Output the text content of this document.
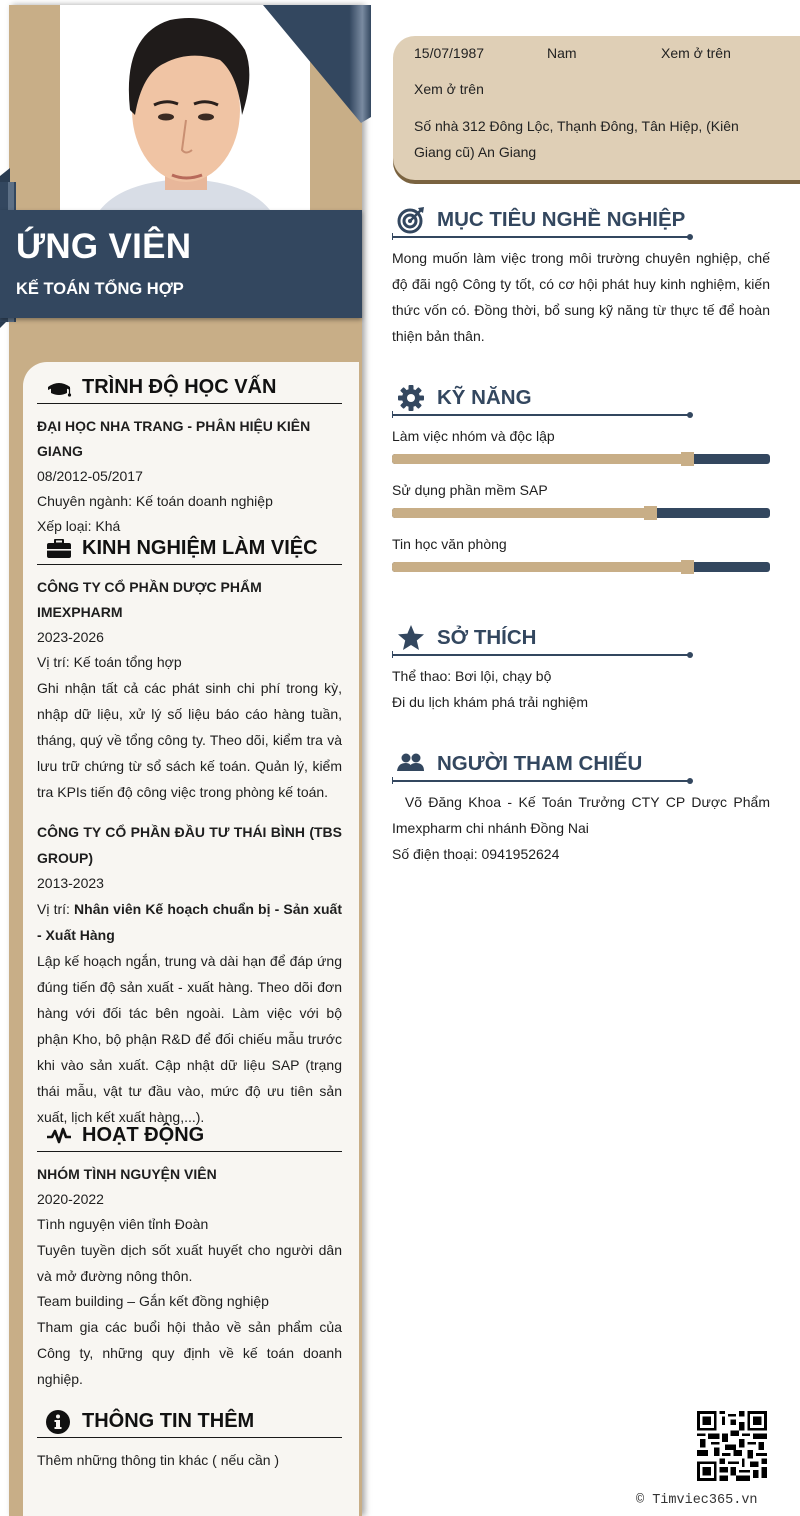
ỨNG VIÊN
KẾ TOÁN TỔNG HỢP
TRÌNH ĐỘ HỌC VẤN
ĐẠI HỌC NHA TRANG - PHÂN HIỆU KIÊN GIANG
08/2012-05/2017
Chuyên ngành: Kế toán doanh nghiệp
Xếp loại: Khá
KINH NGHIỆM LÀM VIỆC
CÔNG TY CỔ PHẦN DƯỢC PHẨM IMEXPHARM
2023-2026
Vị trí: Kế toán tổng hợp
Ghi nhận tất cả các phát sinh chi phí trong kỳ, nhập dữ liệu, xử lý số liệu báo cáo hàng tuần, tháng, quý về tổng công ty. Theo dõi, kiểm tra và lưu trữ chứng từ sổ sách kế toán. Quản lý, kiểm tra KPIs tiến độ công việc trong phòng kế toán.
CÔNG TY CỔ PHẦN ĐẦU TƯ THÁI BÌNH (TBS GROUP)
2013-2023
Vị trí: Nhân viên Kế hoạch chuẩn bị - Sản xuất - Xuất Hàng
Lập kế hoạch ngắn, trung và dài hạn để đáp ứng đúng tiến độ sản xuất - xuất hàng. Theo dõi đơn hàng với đối tác bên ngoài. Làm việc với bộ phận Kho, bộ phận R&D để đối chiếu mẫu trước khi vào sản xuất. Cập nhật dữ liệu SAP (trạng thái mẫu, vật tư đầu vào, mức độ ưu tiên sản xuất, lịch kết xuất hàng,...).
HOẠT ĐỘNG
NHÓM TÌNH NGUYỆN VIÊN
2020-2022
Tình nguyện viên tỉnh Đoàn
Tuyên tuyền dịch sốt xuất huyết cho người dân và mở đường nông thôn.
Team building – Gắn kết đồng nghiệp
Tham gia các buổi hội thảo về sản phẩm của Công ty, những quy định về kế toán doanh nghiệp.
THÔNG TIN THÊM
Thêm những thông tin khác ( nếu cần )
15/07/1987	Nam	Xem ở trên
Xem ở trên
Số nhà 312 Đông Lộc, Thạnh Đông, Tân Hiệp, (Kiên Giang cũ) An Giang
MỤC TIÊU NGHỀ NGHIỆP
Mong muốn làm việc trong môi trường chuyên nghiệp, chế độ đãi ngộ Công ty tốt, có cơ hội phát huy kinh nghiệm, kiến thức vốn có. Đồng thời, bổ sung kỹ năng từ thực tế để hoàn thiện bản thân.
KỸ NĂNG
Làm việc nhóm và độc lập
Sử dụng phần mềm SAP
Tin học văn phòng
SỞ THÍCH
Thể thao: Bơi lội, chạy bộ
Đi du lịch khám phá trải nghiệm
NGƯỜI THAM CHIẾU
Võ Đăng Khoa - Kế Toán Trưởng CTY CP Dược Phẩm Imexpharm chi nhánh Đồng Nai
Số điện thoại: 0941952624
© Timviec365.vn
